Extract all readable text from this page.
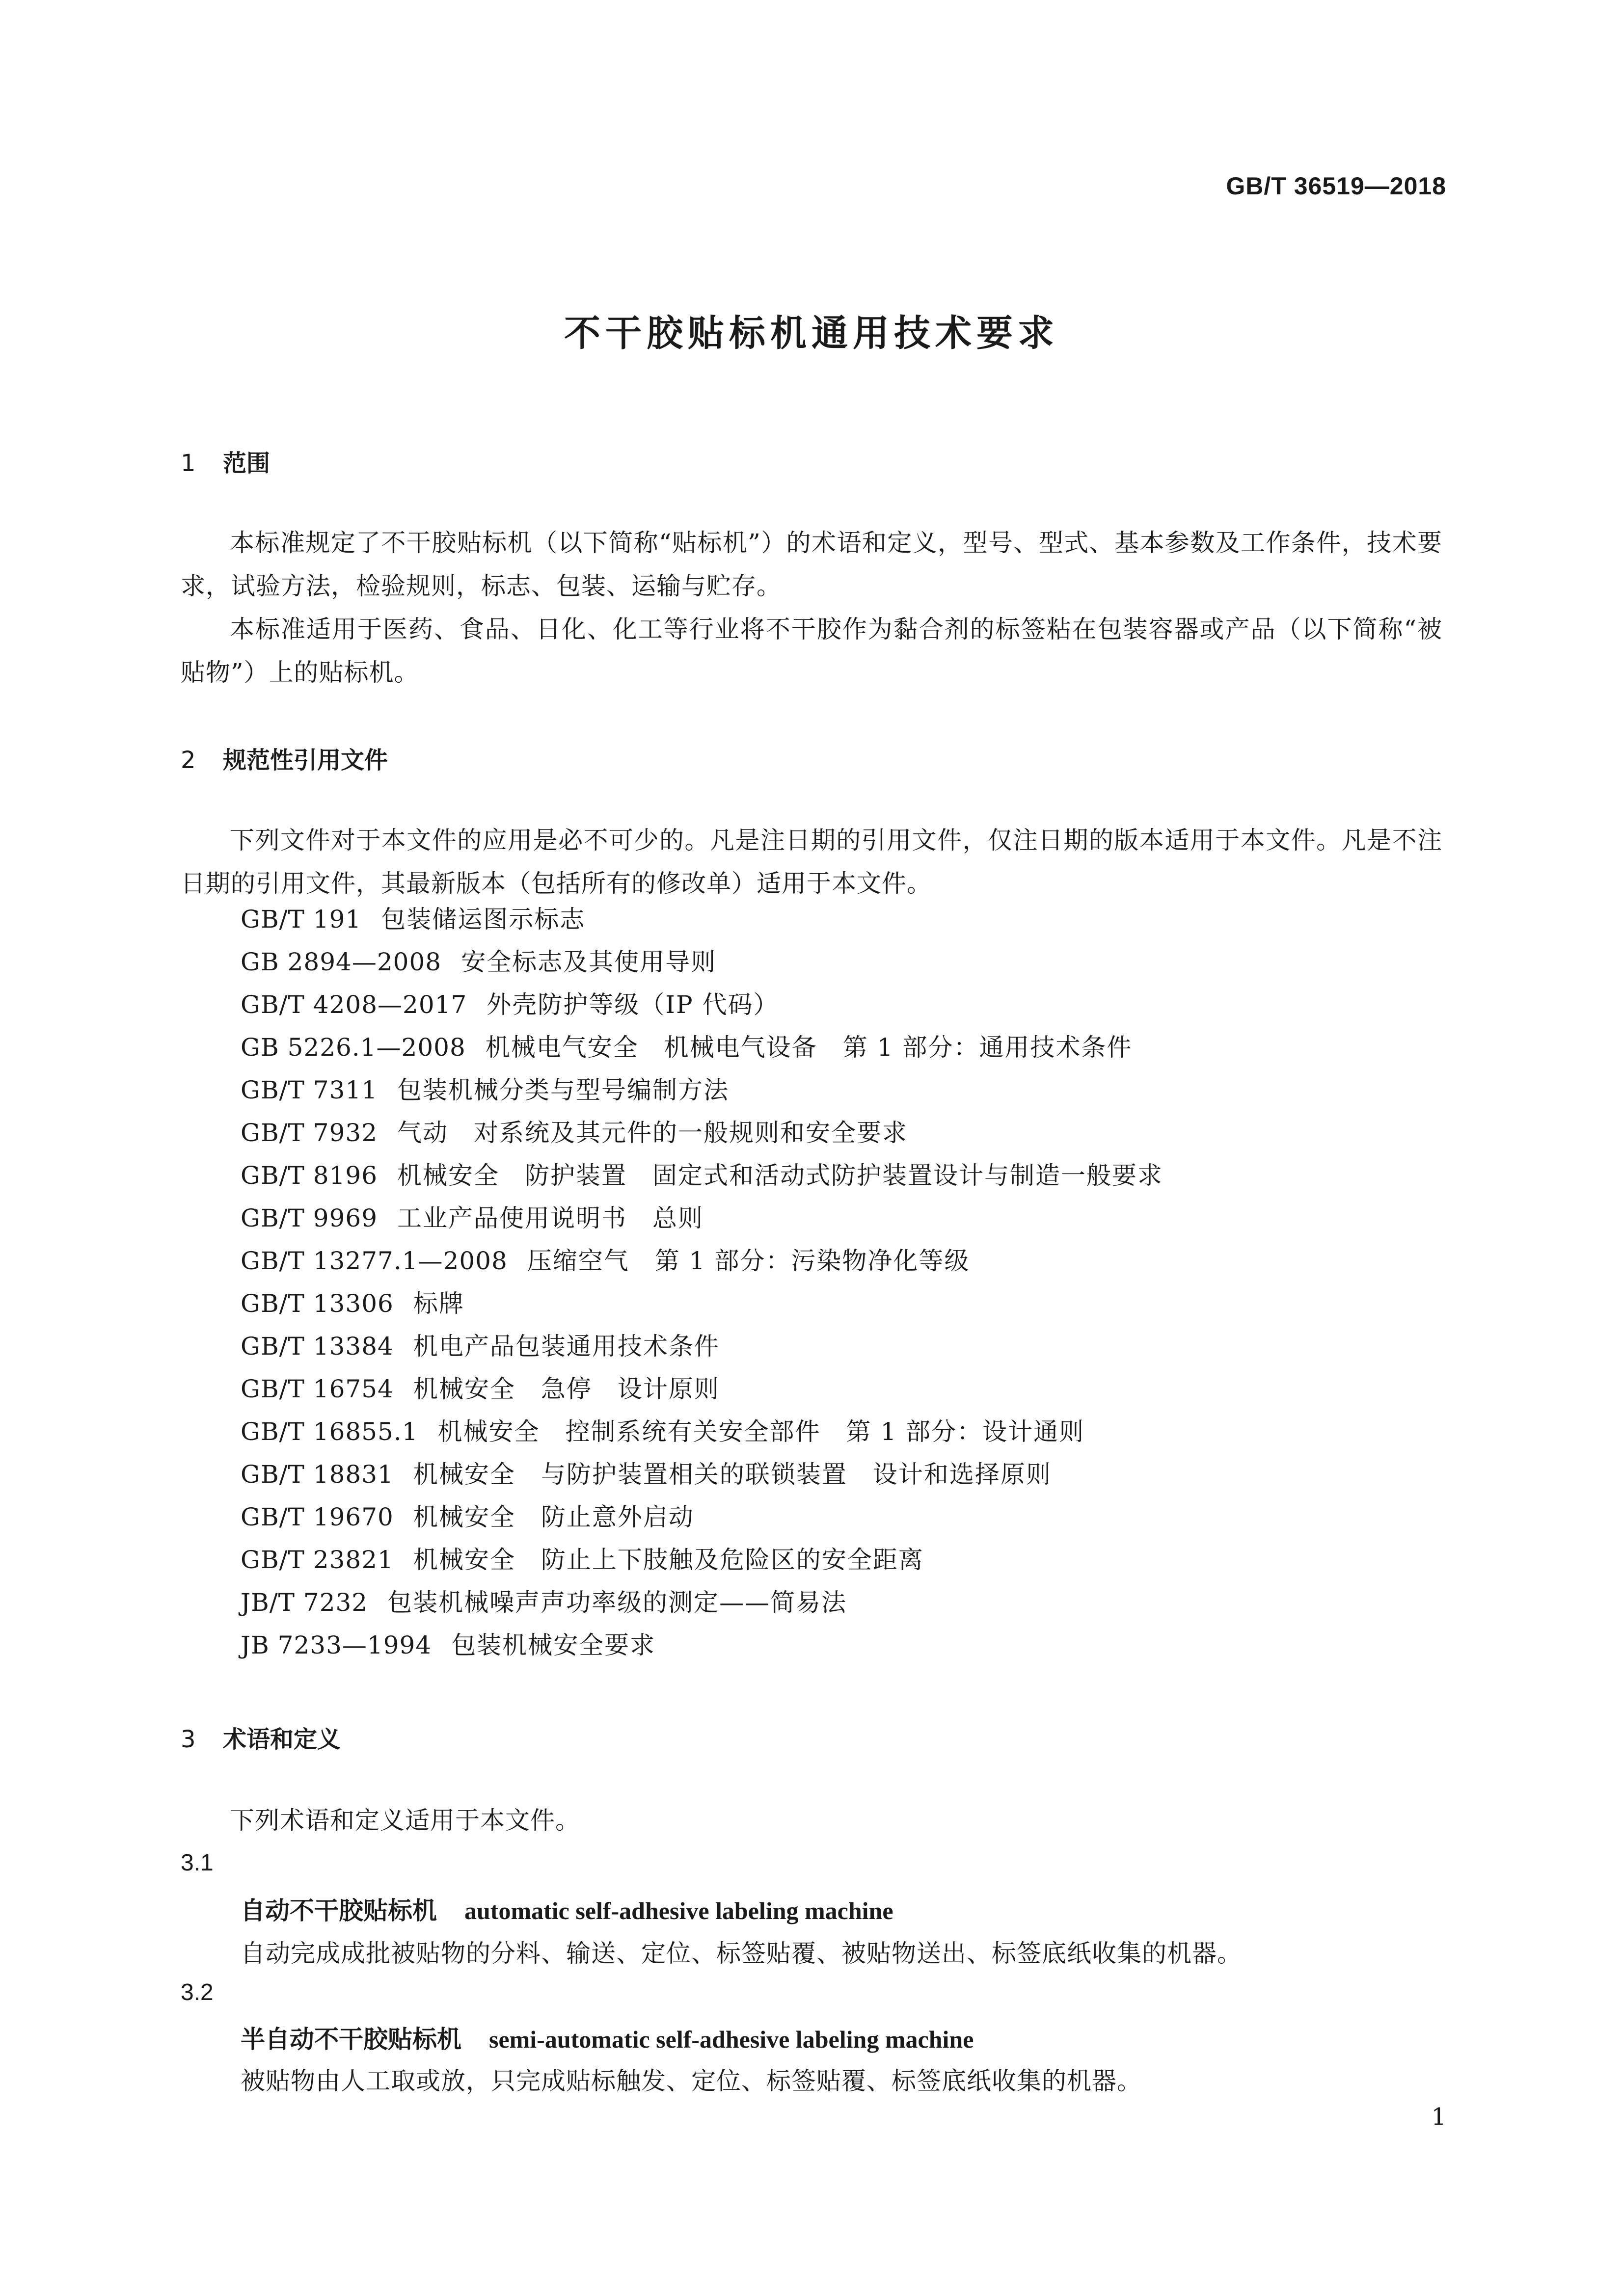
GB/T 36519—2018
不干胶贴标机通用技术要求
1 范围
本标准规定了不干胶贴标机（以下简称“贴标机”）的术语和定义，型号、型式、基本参数及工作条件，技术要求，试验方法，检验规则，标志、包装、运输与贮存。
本标准适用于医药、食品、日化、化工等行业将不干胶作为黏合剂的标签粘在包装容器或产品（以下简称“被贴物”）上的贴标机。
2 规范性引用文件
下列文件对于本文件的应用是必不可少的。凡是注日期的引用文件，仅注日期的版本适用于本文件。凡是不注日期的引用文件，其最新版本（包括所有的修改单）适用于本文件。
GB/T 191 包装储运图示标志
GB 2894—2008 安全标志及其使用导则
GB/T 4208—2017 外壳防护等级（IP 代码）
GB 5226.1—2008 机械电气安全　机械电气设备　第 1 部分：通用技术条件
GB/T 7311 包装机械分类与型号编制方法
GB/T 7932 气动　对系统及其元件的一般规则和安全要求
GB/T 8196 机械安全　防护装置　固定式和活动式防护装置设计与制造一般要求
GB/T 9969 工业产品使用说明书　总则
GB/T 13277.1—2008 压缩空气　第 1 部分：污染物净化等级
GB/T 13306 标牌
GB/T 13384 机电产品包装通用技术条件
GB/T 16754 机械安全　急停　设计原则
GB/T 16855.1 机械安全　控制系统有关安全部件　第 1 部分：设计通则
GB/T 18831 机械安全　与防护装置相关的联锁装置　设计和选择原则
GB/T 19670 机械安全　防止意外启动
GB/T 23821 机械安全　防止上下肢触及危险区的安全距离
JB/T 7232 包装机械噪声声功率级的测定——简易法
JB 7233—1994 包装机械安全要求
3 术语和定义
下列术语和定义适用于本文件。
3.1
自动不干胶贴标机 automatic self-adhesive labeling machine
自动完成成批被贴物的分料、输送、定位、标签贴覆、被贴物送出、标签底纸收集的机器。
3.2
半自动不干胶贴标机 semi-automatic self-adhesive labeling machine
被贴物由人工取或放，只完成贴标触发、定位、标签贴覆、标签底纸收集的机器。
1
